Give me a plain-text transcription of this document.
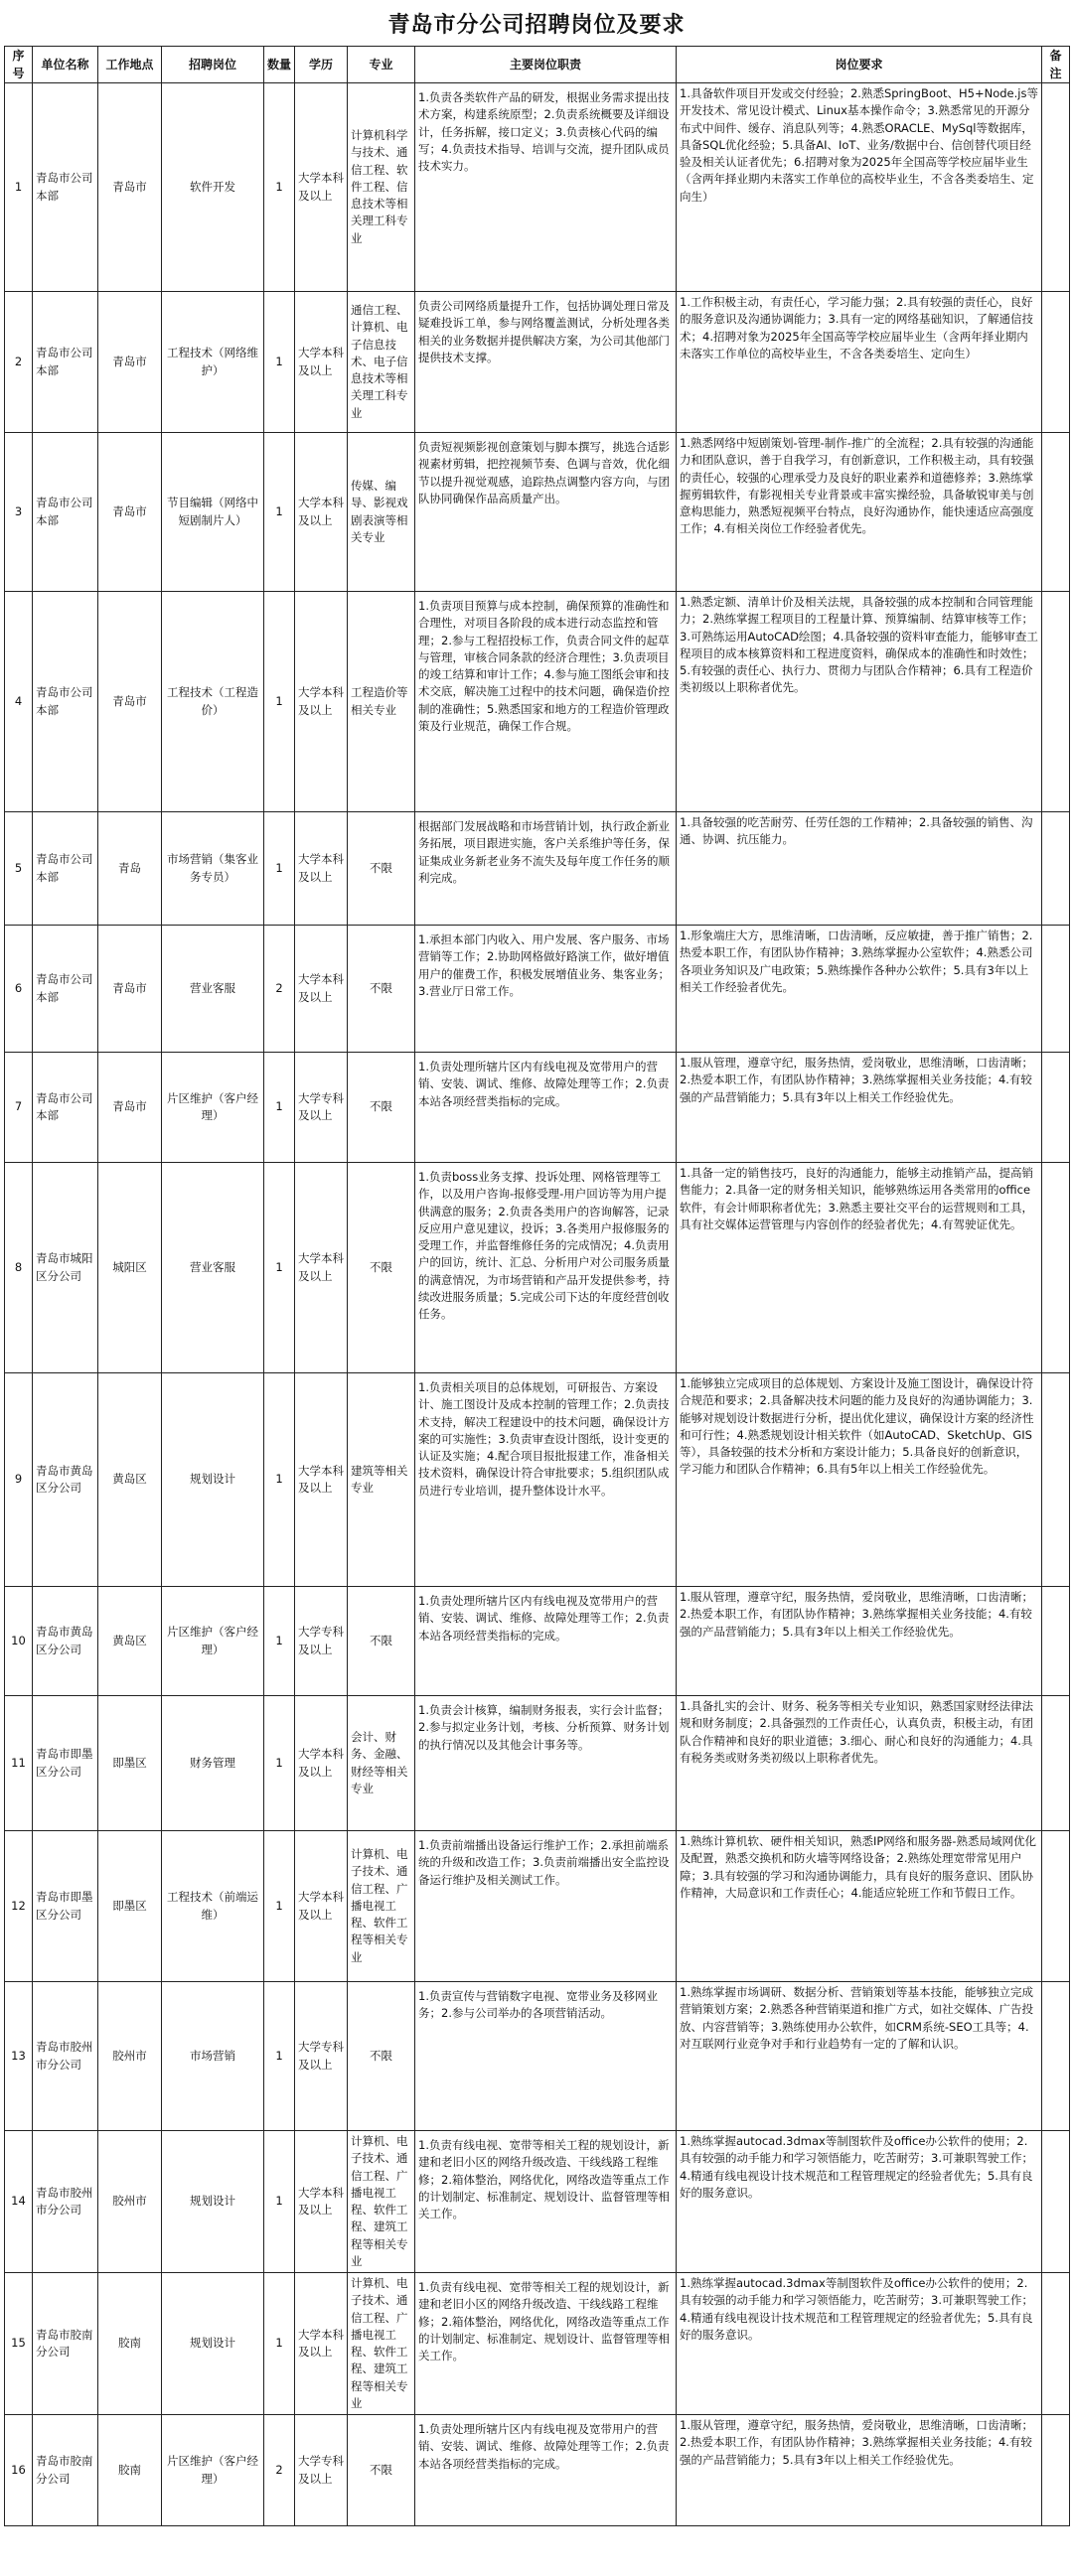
青岛市分公司招聘岗位及要求
序号	单位名称	工作地点	招聘岗位	数量	学历	专业	主要岗位职责	岗位要求	备注
1	青岛市公司本部	青岛市	软件开发	1	大学本科及以上	计算机科学与技术、通信工程、软件工程、信息技术等相关理工科专业	1.负责各类软件产品的研发，根据业务需求提出技术方案，构建系统原型；2.负责系统概要及详细设计，任务拆解，接口定义；3.负责核心代码的编写；4.负责技术指导、培训与交流，提升团队成员技术实力。	1.具备软件项目开发或交付经验；2.熟悉SpringBoot、H5+Node.js等开发技术、常见设计模式、Linux基本操作命令；3.熟悉常见的开源分布式中间件、缓存、消息队列等；4.熟悉ORACLE、MySql等数据库，具备SQL优化经验；5.具备AI、IoT、业务/数据中台、信创替代项目经验及相关认证者优先；6.招聘对象为2025年全国高等学校应届毕业生（含两年择业期内未落实工作单位的高校毕业生，不含各类委培生、定向生）	
2	青岛市公司本部	青岛市	工程技术（网络维护）	1	大学本科及以上	通信工程、计算机、电子信息技术、电子信息技术等相关理工科专业	负责公司网络质量提升工作，包括协调处理日常及疑难投诉工单，参与网络覆盖测试，分析处理各类相关的业务数据并提供解决方案，为公司其他部门提供技术支撑。	1.工作积极主动，有责任心，学习能力强；2.具有较强的责任心，良好的服务意识及沟通协调能力；3.具有一定的网络基础知识，了解通信技术；4.招聘对象为2025年全国高等学校应届毕业生（含两年择业期内未落实工作单位的高校毕业生，不含各类委培生、定向生）	
3	青岛市公司本部	青岛市	节目编辑（网络中短剧制片人）	1	大学本科及以上	传媒、编导、影视戏剧表演等相关专业	负责短视频影视创意策划与脚本撰写，挑选合适影视素材剪辑，把控视频节奏、色调与音效，优化细节以提升视觉观感，追踪热点调整内容方向，与团队协同确保作品高质量产出。	1.熟悉网络中短剧策划-管理-制作-推广的全流程；2.具有较强的沟通能力和团队意识，善于自我学习，有创新意识，工作积极主动，具有较强的责任心，较强的心理承受力及良好的职业素养和道德修养；3.熟练掌握剪辑软件，有影视相关专业背景或丰富实操经验，具备敏锐审美与创意构思能力，熟悉短视频平台特点，良好沟通协作，能快速适应高强度工作；4.有相关岗位工作经验者优先。	
4	青岛市公司本部	青岛市	工程技术（工程造价）	1	大学本科及以上	工程造价等相关专业	1.负责项目预算与成本控制，确保预算的准确性和合理性，对项目各阶段的成本进行动态监控和管理；2.参与工程招投标工作，负责合同文件的起草与管理，审核合同条款的经济合理性；3.负责项目的竣工结算和审计工作；4.参与施工图纸会审和技术交底，解决施工过程中的技术问题，确保造价控制的准确性；5.熟悉国家和地方的工程造价管理政策及行业规范，确保工作合规。	1.熟悉定额、清单计价及相关法规，具备较强的成本控制和合同管理能力；2.熟练掌握工程项目的工程量计算、预算编制、结算审核等工作；3.可熟练运用AutoCAD绘图；4.具备较强的资料审查能力，能够审查工程项目的成本核算资料和工程进度资料，确保成本的准确性和时效性；5.有较强的责任心、执行力、贯彻力与团队合作精神；6.具有工程造价类初级以上职称者优先。	
5	青岛市公司本部	青岛	市场营销（集客业务专员）	1	大学本科及以上	不限	根据部门发展战略和市场营销计划，执行政企新业务拓展，项目跟进实施，客户关系维护等任务，保证集成业务新老业务不流失及每年度工作任务的顺利完成。	1.具备较强的吃苦耐劳、任劳任怨的工作精神；2.具备较强的销售、沟通、协调、抗压能力。	
6	青岛市公司本部	青岛市	营业客服	2	大学本科及以上	不限	1.承担本部门内收入、用户发展、客户服务、市场营销等工作；2.协助网格做好路演工作，做好增值用户的催费工作，积极发展增值业务、集客业务；3.营业厅日常工作。	1.形象端庄大方，思维清晰，口齿清晰，反应敏捷，善于推广销售；2.热爱本职工作，有团队协作精神；3.熟练掌握办公室软件；4.熟悉公司各项业务知识及广电政策；5.熟练操作各种办公软件；5.具有3年以上相关工作经验者优先。	
7	青岛市公司本部	青岛市	片区维护（客户经理）	1	大学专科及以上	不限	1.负责处理所辖片区内有线电视及宽带用户的营销、安装、调试、维修、故障处理等工作；2.负责本站各项经营类指标的完成。	1.服从管理，遵章守纪，服务热情，爱岗敬业，思维清晰，口齿清晰；2.热爱本职工作，有团队协作精神；3.熟练掌握相关业务技能；4.有较强的产品营销能力；5.具有3年以上相关工作经验优先。	
8	青岛市城阳区分公司	城阳区	营业客服	1	大学本科及以上	不限	1.负责boss业务支撑、投诉处理、网格管理等工作，以及用户咨询-报修受理-用户回访等为用户提供满意的服务；2.负责各类用户的咨询解答，记录反应用户意见建议，投诉；3.各类用户报修服务的受理工作，并监督维修任务的完成情况；4.负责用户的回访，统计、汇总、分析用户对公司服务质量的满意情况，为市场营销和产品开发提供参考，持续改进服务质量；5.完成公司下达的年度经营创收任务。	1.具备一定的销售技巧，良好的沟通能力，能够主动推销产品，提高销售能力；2.具备一定的财务相关知识，能够熟练运用各类常用的office软件，有会计师职称者优先；3.熟悉主要社交平台的运营规则和工具，具有社交媒体运营管理与内容创作的经验者优先；4.有驾驶证优先。	
9	青岛市黄岛区分公司	黄岛区	规划设计	1	大学本科及以上	建筑等相关专业	1.负责相关项目的总体规划，可研报告、方案设计、施工图设计及成本控制的管理工作；2.负责技术支持，解决工程建设中的技术问题，确保设计方案的可实施性；3.负责审查设计图纸，设计变更的认证及实施；4.配合项目报批报建工作，准备相关技术资料，确保设计符合审批要求；5.组织团队成员进行专业培训，提升整体设计水平。	1.能够独立完成项目的总体规划、方案设计及施工图设计，确保设计符合规范和要求；2.具备解决技术问题的能力及良好的沟通协调能力；3.能够对规划设计数据进行分析，提出优化建议，确保设计方案的经济性和可行性；4.熟悉规划设计相关软件（如AutoCAD、SketchUp、GIS等），具备较强的技术分析和方案设计能力；5.具备良好的创新意识，学习能力和团队合作精神；6.具有5年以上相关工作经验优先。	
10	青岛市黄岛区分公司	黄岛区	片区维护（客户经理）	1	大学专科及以上	不限	1.负责处理所辖片区内有线电视及宽带用户的营销、安装、调试、维修、故障处理等工作；2.负责本站各项经营类指标的完成。	1.服从管理，遵章守纪，服务热情，爱岗敬业，思维清晰，口齿清晰；2.热爱本职工作，有团队协作精神；3.熟练掌握相关业务技能；4.有较强的产品营销能力；5.具有3年以上相关工作经验优先。	
11	青岛市即墨区分公司	即墨区	财务管理	1	大学本科及以上	会计、财务、金融、财经等相关专业	1.负责会计核算，编制财务报表，实行会计监督；2.参与拟定业务计划，考核、分析预算、财务计划的执行情况以及其他会计事务等。	1.具备扎实的会计、财务、税务等相关专业知识，熟悉国家财经法律法规和财务制度；2.具备强烈的工作责任心，认真负责，积极主动，有团队合作精神和良好的职业道德；3.细心、耐心和良好的沟通能力；4.具有税务类或财务类初级以上职称者优先。	
12	青岛市即墨区分公司	即墨区	工程技术（前端运维）	1	大学本科及以上	计算机、电子技术、通信工程、广播电视工程、软件工程等相关专业	1.负责前端播出设备运行维护工作；2.承担前端系统的升级和改造工作；3.负责前端播出安全监控设备运行维护及相关测试工作。	1.熟练计算机软、硬件相关知识，熟悉IP网络和服务器-熟悉局域网优化及配置，熟悉交换机和防火墙等网络设备；2.熟练处理宽带常见用户障；3.具有较强的学习和沟通协调能力，具有良好的服务意识、团队协作精神，大局意识和工作责任心；4.能适应轮班工作和节假日工作。	
13	青岛市胶州市分公司	胶州市	市场营销	1	大学专科及以上	不限	1.负责宣传与营销数字电视、宽带业务及移网业务；2.参与公司举办的各项营销活动。	1.熟练掌握市场调研、数据分析、营销策划等基本技能，能够独立完成营销策划方案；2.熟悉各种营销渠道和推广方式，如社交媒体、广告投放、内容营销等；3.熟练使用办公软件，如CRM系统-SEO工具等；4.对互联网行业竞争对手和行业趋势有一定的了解和认识。	
14	青岛市胶州市分公司	胶州市	规划设计	1	大学本科及以上	计算机、电子技术、通信工程、广播电视工程、软件工程、建筑工程等相关专业	1.负责有线电视、宽带等相关工程的规划设计，新建和老旧小区的网络升级改造、干线线路工程维修；2.箱体整治，网络优化，网络改造等重点工作的计划制定、标准制定、规划设计、监督管理等相关工作。	1.熟练掌握autocad.3dmax等制图软件及office办公软件的使用；2.具有较强的动手能力和学习领悟能力，吃苦耐劳；3.可兼职驾驶工作；4.精通有线电视设计技术规范和工程管理规定的经验者优先；5.具有良好的服务意识。	
15	青岛市胶南分公司	胶南	规划设计	1	大学本科及以上	计算机、电子技术、通信工程、广播电视工程、软件工程、建筑工程等相关专业	1.负责有线电视、宽带等相关工程的规划设计，新建和老旧小区的网络升级改造、干线线路工程维修；2.箱体整治，网络优化，网络改造等重点工作的计划制定、标准制定、规划设计、监督管理等相关工作。	1.熟练掌握autocad.3dmax等制图软件及office办公软件的使用；2.具有较强的动手能力和学习领悟能力，吃苦耐劳；3.可兼职驾驶工作；4.精通有线电视设计技术规范和工程管理规定的经验者优先；5.具有良好的服务意识。	
16	青岛市胶南分公司	胶南	片区维护（客户经理）	2	大学专科及以上	不限	1.负责处理所辖片区内有线电视及宽带用户的营销、安装、调试、维修、故障处理等工作；2.负责本站各项经营类指标的完成。	1.服从管理，遵章守纪，服务热情，爱岗敬业，思维清晰，口齿清晰；2.热爱本职工作，有团队协作精神；3.熟练掌握相关业务技能；4.有较强的产品营销能力；5.具有3年以上相关工作经验优先。	
